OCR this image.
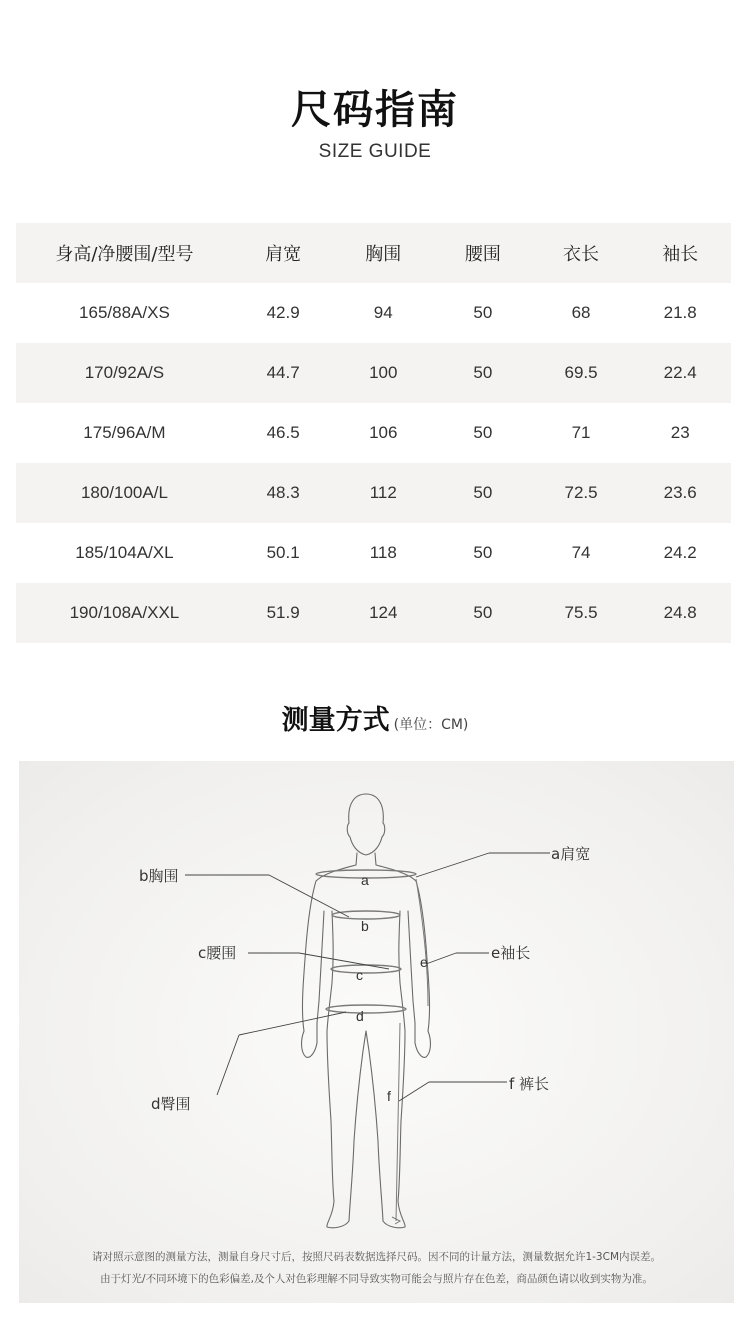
尺码指南
SIZE GUIDE
身高/净腰围/型号	肩宽	胸围	腰围	衣长	袖长
165/88A/XS	42.9	94	50	68	21.8
170/92A/S	44.7	100	50	69.5	22.4
175/96A/M	46.5	106	50	71	23
180/100A/L	48.3	112	50	72.5	23.6
185/104A/XL	50.1	118	50	74	24.2
190/108A/XXL	51.9	124	50	75.5	24.8
测量方式 (单位：CM)
a肩宽
b胸围
c腰围	e袖长
d臀围
f 裤长
a
b
c
d
e
f
请对照示意图的测量方法，测量自身尺寸后，按照尺码表数据选择尺码。因不同的计量方法，测量数据允许1-3CM内误差。
由于灯光/不同环境下的色彩偏差,及个人对色彩理解不同导致实物可能会与照片存在色差，商品颜色请以收到实物为准。
